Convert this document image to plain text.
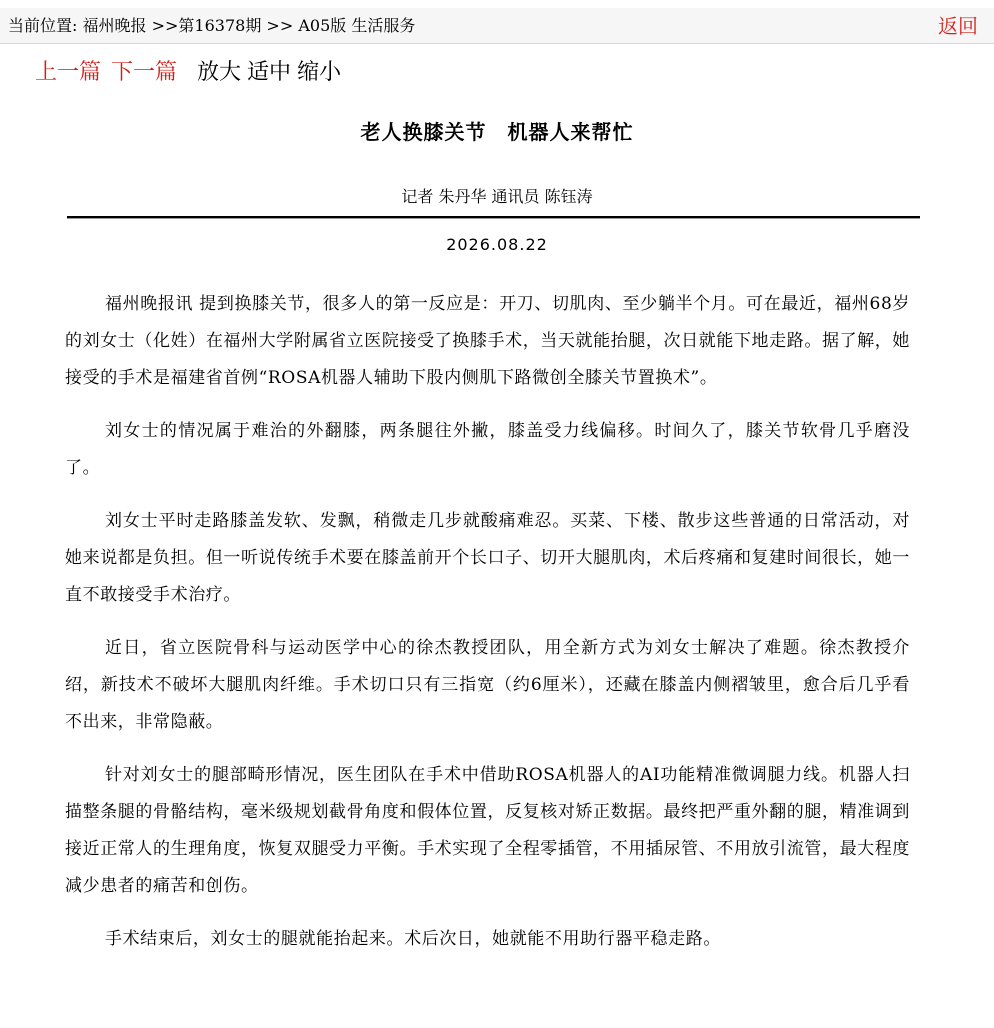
当前位置: 福州晚报 >>第16378期 >> A05版 生活服务	返回
上一篇 下一篇 放大 适中 缩小
老人换膝关节　机器人来帮忙
记者 朱丹华 通讯员 陈钰涛
2026.08.22

福州晚报讯 提到换膝关节，很多人的第一反应是：开刀、切肌肉、至少躺半个月。可在最近，福州68岁的刘女士（化姓）在福州大学附属省立医院接受了换膝手术，当天就能抬腿，次日就能下地走路。据了解，她接受的手术是福建省首例“ROSA机器人辅助下股内侧肌下路微创全膝关节置换术”。

刘女士的情况属于难治的外翻膝，两条腿往外撇，膝盖受力线偏移。时间久了，膝关节软骨几乎磨没了。

刘女士平时走路膝盖发软、发飘，稍微走几步就酸痛难忍。买菜、下楼、散步这些普通的日常活动，对她来说都是负担。但一听说传统手术要在膝盖前开个长口子、切开大腿肌肉，术后疼痛和复建时间很长，她一直不敢接受手术治疗。

近日，省立医院骨科与运动医学中心的徐杰教授团队，用全新方式为刘女士解决了难题。徐杰教授介绍，新技术不破坏大腿肌肉纤维。手术切口只有三指宽（约6厘米），还藏在膝盖内侧褶皱里，愈合后几乎看不出来，非常隐蔽。

针对刘女士的腿部畸形情况，医生团队在手术中借助ROSA机器人的AI功能精准微调腿力线。机器人扫描整条腿的骨骼结构，毫米级规划截骨角度和假体位置，反复核对矫正数据。最终把严重外翻的腿，精准调到接近正常人的生理角度，恢复双腿受力平衡。手术实现了全程零插管，不用插尿管、不用放引流管，最大程度减少患者的痛苦和创伤。

手术结束后，刘女士的腿就能抬起来。术后次日，她就能不用助行器平稳走路。
